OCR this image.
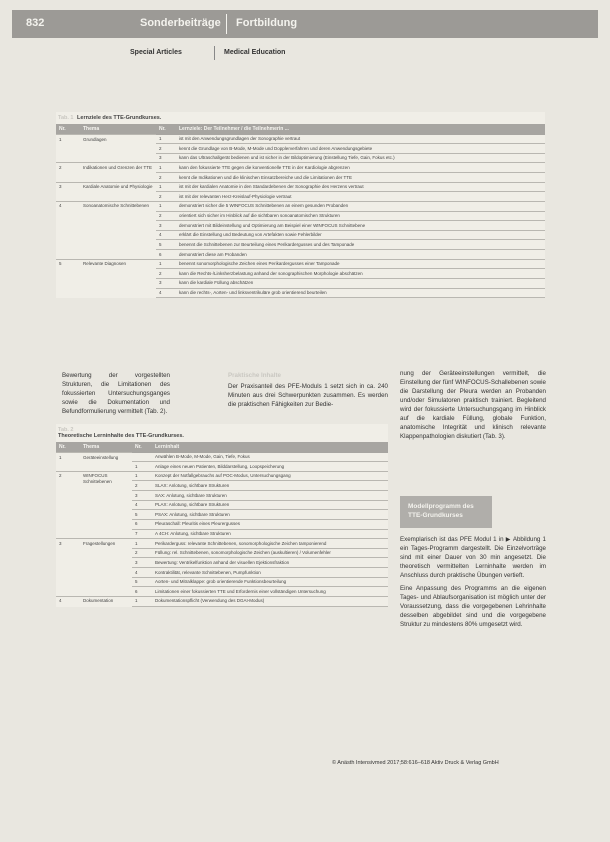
832	Sonderbeiträge Fortbildung
Special Articles	Medical Education
Tab. 1 Lernziele des TTE-Grundkurses.
Nr.	Thema	Nr.	Lernziele: Der Teilnehmer / die Teilnehmerin ...
1	Grundlagen	1	ist mit den Anwendungsgrundlagen der Sonographie vertraut
		2	kennt die Grundlage von B-Mode, M-Mode und Dopplerverfahren und deren Anwendungsgebiete
		3	kann das Ultraschallgerät bedienen und ist sicher in der Bildoptimierung (Einstellung Tiefe, Gain, Fokus etc.)
2	Indikationen und Grenzen der TTE	1	kann den fokussierte TTE gegen die konventionelle TTE in der Kardiologie abgrenzen
		2	kennt die Indikationen und die klinischen Einsatzbereiche und die Limitationen der TTE
3	Kardiale Anatomie und Physiologie	1	ist mit der kardialen Anatomie in den Standardebenen der Sonographie des Herzens vertraut
		2	ist mit der relevanten Herz-Kreislauf-Physiologie vertraut
4	Sonoanatomische Schnittebenen	1	demonstriert sicher die 5 WINFOCUS Schnittebenen an einem gesunden Probanden
		2	orientiert sich sicher im Hinblick auf die sichtbaren sonoanatomischen Strukturen
		3	demonstriert mit Bildeinstellung und Optimierung am Beispiel einer WINFOCUS Schnittebene
		4	erklärt die Einstellung und Bedeutung von Artefakten sowie Fehlerbilder
		5	benennt die Schnittebenen zur Beurteilung eines Perikardergusses und des Tamponade
		6	demonstriert diese am Probanden
5	Relevante Diagnosen	1	benennt sonomorphologische Zeichen eines Perikardergusses einer Tamponade
		2	kann die Rechts-/Linksherzbelastung anhand der sonographischen Morphologie abschätzen
		3	kann die kardiale Füllung abschätzen
		4	kann die rechts-, Aorten- und linksventrikuläre grob orientierend beurteilen

Bewertung der vorgestellten Strukturen, die Limitationen des fokussierten Untersuchungsganges sowie die Dokumentation und Befundformulierung vermittelt (Tab. 2).

Praktische Inhalte

Der Praxisanteil des PFE-Moduls 1 setzt sich in ca. 240 Minuten aus drei Schwerpunkten zusammen. Es werden die praktischen Fähigkeiten zur Bedie-

nung der Geräteeinstellungen vermittelt, die Einstellung der fünf WINFOCUS-Schallebenen sowie die Darstellung der Pleura werden an Probanden und/oder Simulatoren praktisch trainiert. Begleitend wird der fokussierte Untersuchungsgang im Hinblick auf die kardiale Füllung, globale Funktion, anatomische Integrität und klinisch relevante Klappenpathologien diskutiert (Tab. 3).

Modellprogramm des
TTE-Grundkurses

Exemplarisch ist das PFE Modul 1 in ▶ Abbildung 1 ein Tages-Programm dargestellt. Die Einzelvorträge sind mit einer Dauer von 30 min angesetzt. Die theoretisch vermittelten Lerninhalte werden im Anschluss durch praktische Übungen vertieft.

Eine Anpassung des Programms an die eigenen Tages- und Ablaufsorganisation ist möglich unter der Voraussetzung, dass die vorgegebenen Lehrinhalte desselben abgebildet sind und die vorgegebene Struktur zu mindestens 80% umgesetzt wird.

Tab. 2
Theoretische Lerninhalte des TTE-Grundkurses.
Nr.	Thema	Nr.	Lerninhalt
1	Geräteeinstellung		Anwählen B-Mode, M-Mode, Gain, Tiefe, Fokus
		1	Anlage eines neuen Patienten, Bilddarstellung, Loopspeicherung
2	WINFOCUS Schnittebenen	1	Konzept der Notfallgebrauchs auf POC-Modus, Untersuchungsgang
		2	SLAX: Anlotung, sichtbare Strukturen
		3	SAX: Anlotung, sichtbare Strukturen
		4	PLAX: Anlotung, sichtbare Strukturen
		5	PSAX: Anlotung, sichtbare Strukturen
		6	Pleuraschall: Pleuritis eines Pleurergusses
		7	A 4CH: Anlotung, sichtbare Strukturen
3	Fragestellungen	1	Perikarderguss: relevante Schnittebenen, sonomorphologische Zeichen tamponierend
		2	Füllung: rel. Schnittebenen, sonomorphologische Zeichen (auskultieren) / Volumenfehler
		3	Bewertung: Ventrikelfunktion anhand der visuellen Ejektionsfraktion
		4	Kontraktilität, relevante Schnittebenen, Pumpfunktion
		5	Aorten- und Mitralklappe: grob orientierende Funktionsbeurteilung
		6	Limitationen einer fokussierten TTE und Erfordernis einer vollständigen Untersuchung
4	Dokumentation	1	Dokumentationspflicht (Verwendung des DGAI-Modus)
© Anästh Intensivmed 2017;58:616–618 Aktiv Druck & Verlag GmbH
